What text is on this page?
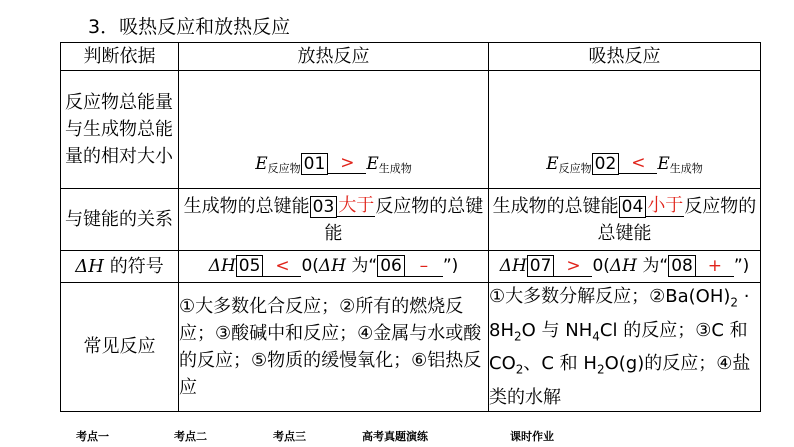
3．吸热反应和放热反应
判断依据	放热反应	吸热反应
反应物总能量与生成物总能量的相对大小	E反应物 01 > E生成物	E反应物 02 < E生成物

与键能的关系	生成物的总键能 03 大于反应物的总键能	生成物的总键能 04 小于反应物的总键能
ΔH 的符号	ΔH 05 < 0(ΔH 为“ 06 – ”)	ΔH 07 > 0(ΔH 为“ 08 + ”)
常见反应	①大多数化合反应；②所有的燃烧反应；③酸碱中和反应；④金属与水或酸的反应；⑤物质的缓慢氧化；⑥铝热反应	①大多数分解反应；$②Ba(OH)_2 \cdot 8H_2O$ 与 $NH_4Cl$ 的反应；③C 和 $CO_2$、C 和 $H_2O(g)$的反应；④盐类的水解
考点一	考点二	考点三	高考真题演练	课时作业
